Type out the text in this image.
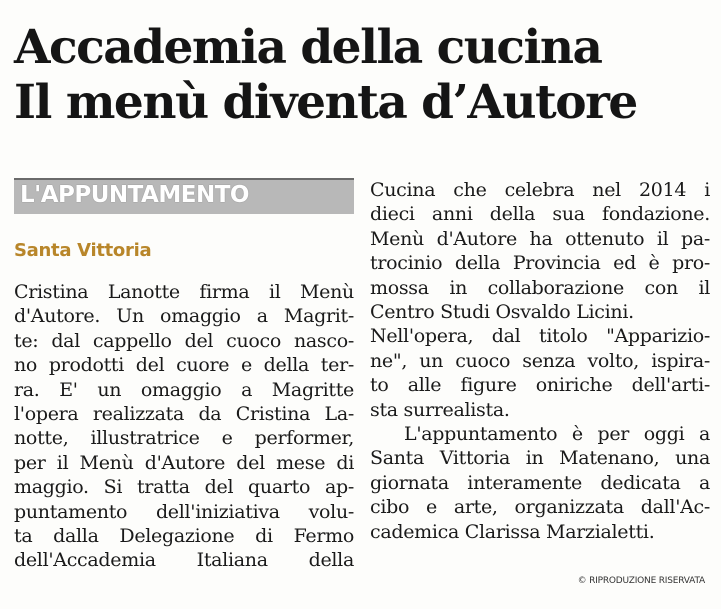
Accademia della cucina
Il menù diventa d’Autore
L'APPUNTAMENTO
Santa Vittoria
Cristina Lanotte firma il Menù
d'Autore. Un omaggio a Magrit-
te: dal cappello del cuoco nasco-
no prodotti del cuore e della ter-
ra. E' un omaggio a Magritte
l'opera realizzata da Cristina La-
notte, illustratrice e performer,
per il Menù d'Autore del mese di
maggio. Si tratta del quarto ap-
puntamento dell'iniziativa volu-
ta dalla Delegazione di Fermo
dell'Accademia Italiana della
Cucina che celebra nel 2014 i
dieci anni della sua fondazione.
Menù d'Autore ha ottenuto il pa-
trocinio della Provincia ed è pro-
mossa in collaborazione con il
Centro Studi Osvaldo Licini.
Nell'opera, dal titolo "Apparizio-
ne", un cuoco senza volto, ispira-
to alle figure oniriche dell'arti-
sta surrealista.
L'appuntamento è per oggi a
Santa Vittoria in Matenano, una
giornata interamente dedicata a
cibo e arte, organizzata dall'Ac-
cademica Clarissa Marzialetti.
© RIPRODUZIONE RISERVATA
